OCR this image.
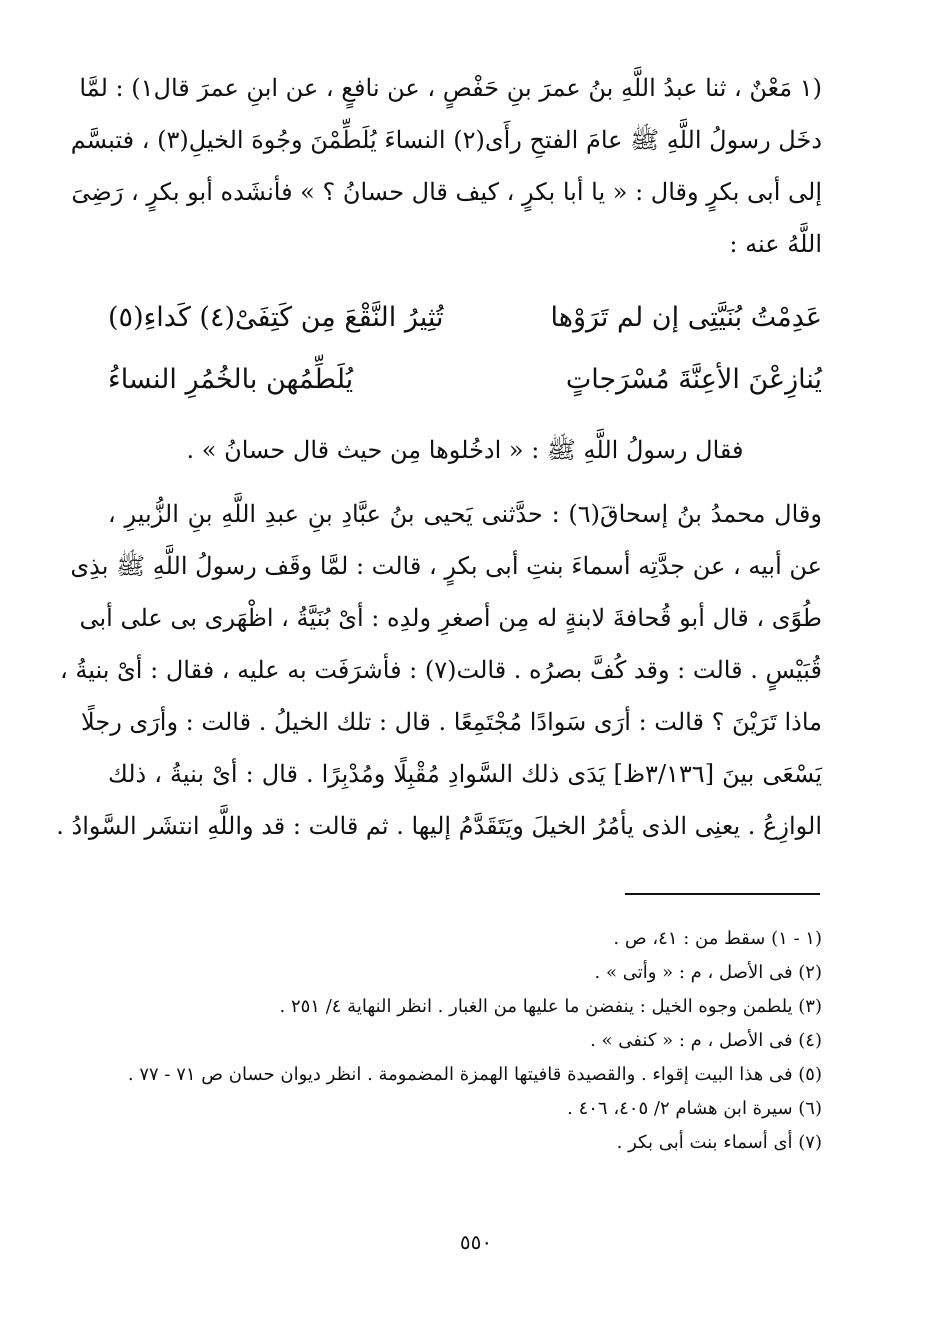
(١ مَعْنٌ ، ثنا عبدُ اللَّهِ بنُ عمرَ بنِ حَفْصٍ ، عن نافعٍ ، عن ابنِ عمرَ قال١) : لمَّا
دخَل رسولُ اللَّهِ ﷺ عامَ الفتحِ رأَى(٢) النساءَ يُلَطِّمْنَ وجُوهَ الخيلِ(٣) ، فتبسَّم
إلى أبى بكرٍ وقال : « يا أبا بكرٍ ، كيف قال حسانُ ؟ » فأنشَده أبو بكرٍ ، رَضِىَ
اللَّهُ عنه :
عَدِمْتُ بُنَيَّتِى إن لم تَرَوْها
تُثِيرُ النَّقْعَ مِن كَتِفَىْ(٤) كَداءِ(٥)
يُنازِعْنَ الأعِنَّةَ مُسْرَجاتٍ
يُلَطِّمُهن بالخُمُرِ النساءُ
فقال رسولُ اللَّهِ ﷺ : « ادخُلوها مِن حيث قال حسانُ » .
وقال محمدُ بنُ إسحاقَ(٦) : حدَّثنى يَحيى بنُ عبَّادِ بنِ عبدِ اللَّهِ بنِ الزُّبيرِ ،
عن أبيه ، عن جدَّتِه أسماءَ بنتِ أبى بكرٍ ، قالت : لمَّا وقَف رسولُ اللَّهِ ﷺ بذِى
طُوًى ، قال أبو قُحافةَ لابنةٍ له مِن أصغرِ ولدِه : أىْ بُنَيَّةُ ، اظْهَرى بى على أبى
قُبَيْسٍ . قالت : وقد كُفَّ بصرُه . قالت(٧) : فأشرَفَت به عليه ، فقال : أىْ بنيةُ ،
ماذا تَرَيْنَ ؟ قالت : أرَى سَوادًا مُجْتَمِعًا . قال : تلك الخيلُ . قالت : وأرَى رجلًا
يَسْعَى بينَ [٣/١٣٦ظ] يَدَى ذلك السَّوادِ مُقْبِلًا ومُدْبِرًا . قال : أىْ بنيةُ ، ذلك
الوازِعُ . يعنِى الذى يأمُرُ الخيلَ ويَتَقَدَّمُ إليها . ثم قالت : قد واللَّهِ انتشَر السَّوادُ .
(١ - ١) سقط من : ٤١، ص .
(٢) فى الأصل ، م : « وأتى » .
(٣) يلطمن وجوه الخيل : ينفضن ما عليها من الغبار . انظر النهاية ٤/ ٢٥١ .
(٤) فى الأصل ، م : « كنفى » .
(٥) فى هذا البيت إقواء . والقصيدة قافيتها الهمزة المضمومة . انظر ديوان حسان ص ٧١ - ٧٧ .
(٦) سيرة ابن هشام ٢/ ٤٠٥، ٤٠٦ .
(٧) أى أسماء بنت أبى بكر .
٥٥٠
